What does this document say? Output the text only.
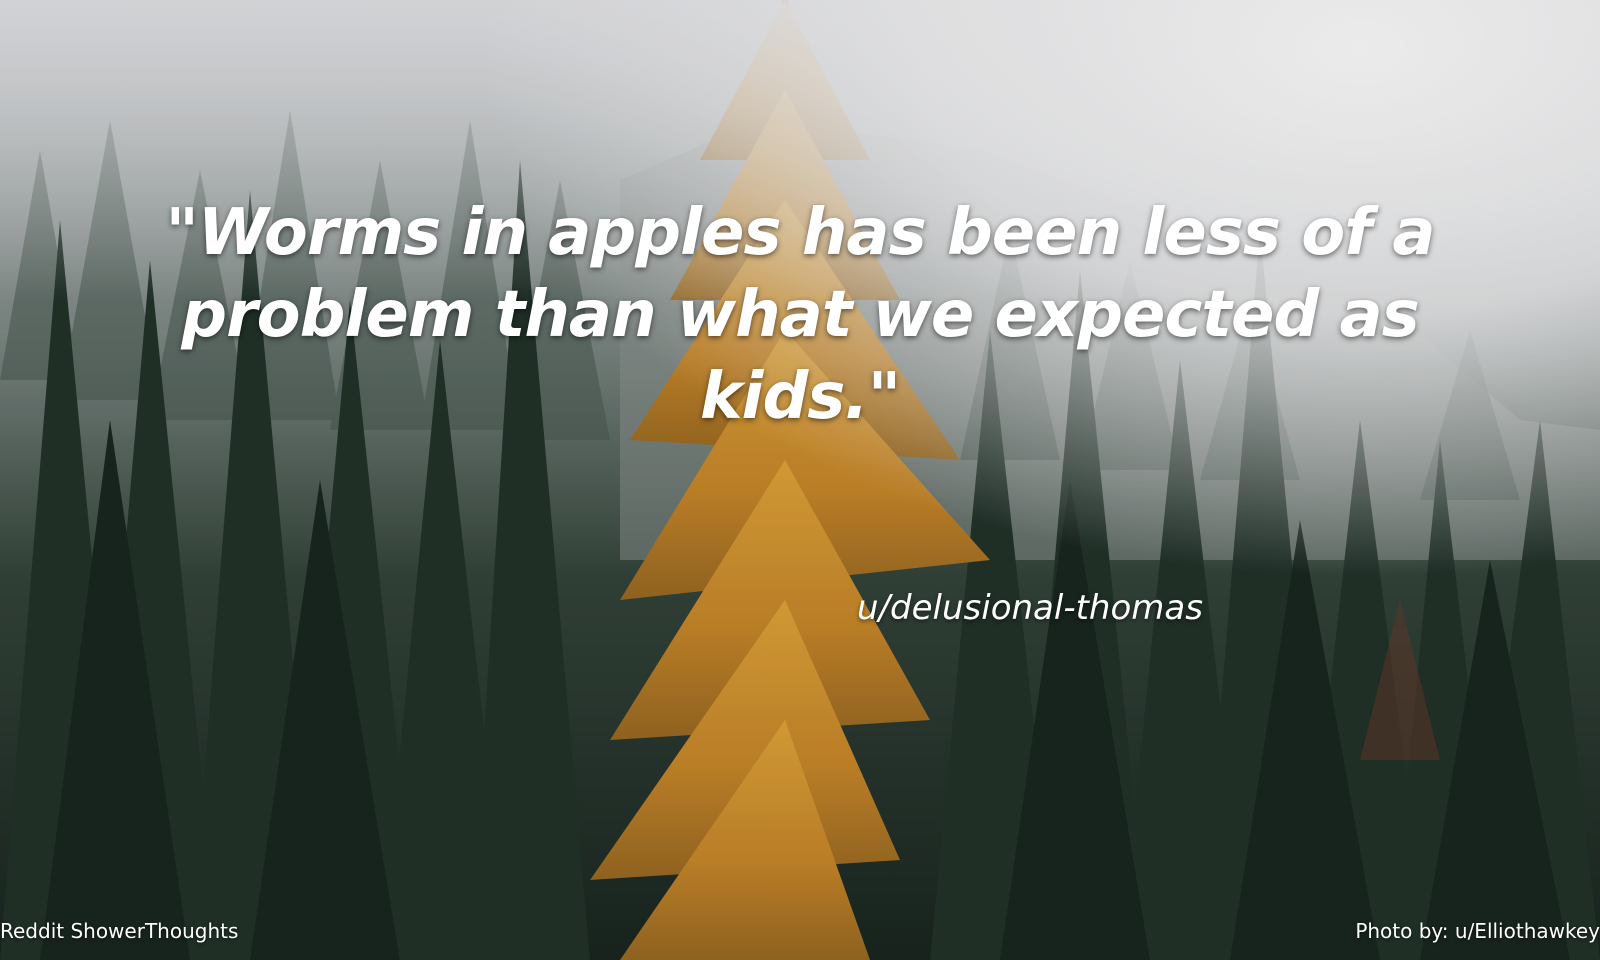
"Worms in apples has been less of a problem than what we expected as kids."
u/delusional-thomas
Reddit ShowerThoughts	Photo by: u/Elliothawkey
